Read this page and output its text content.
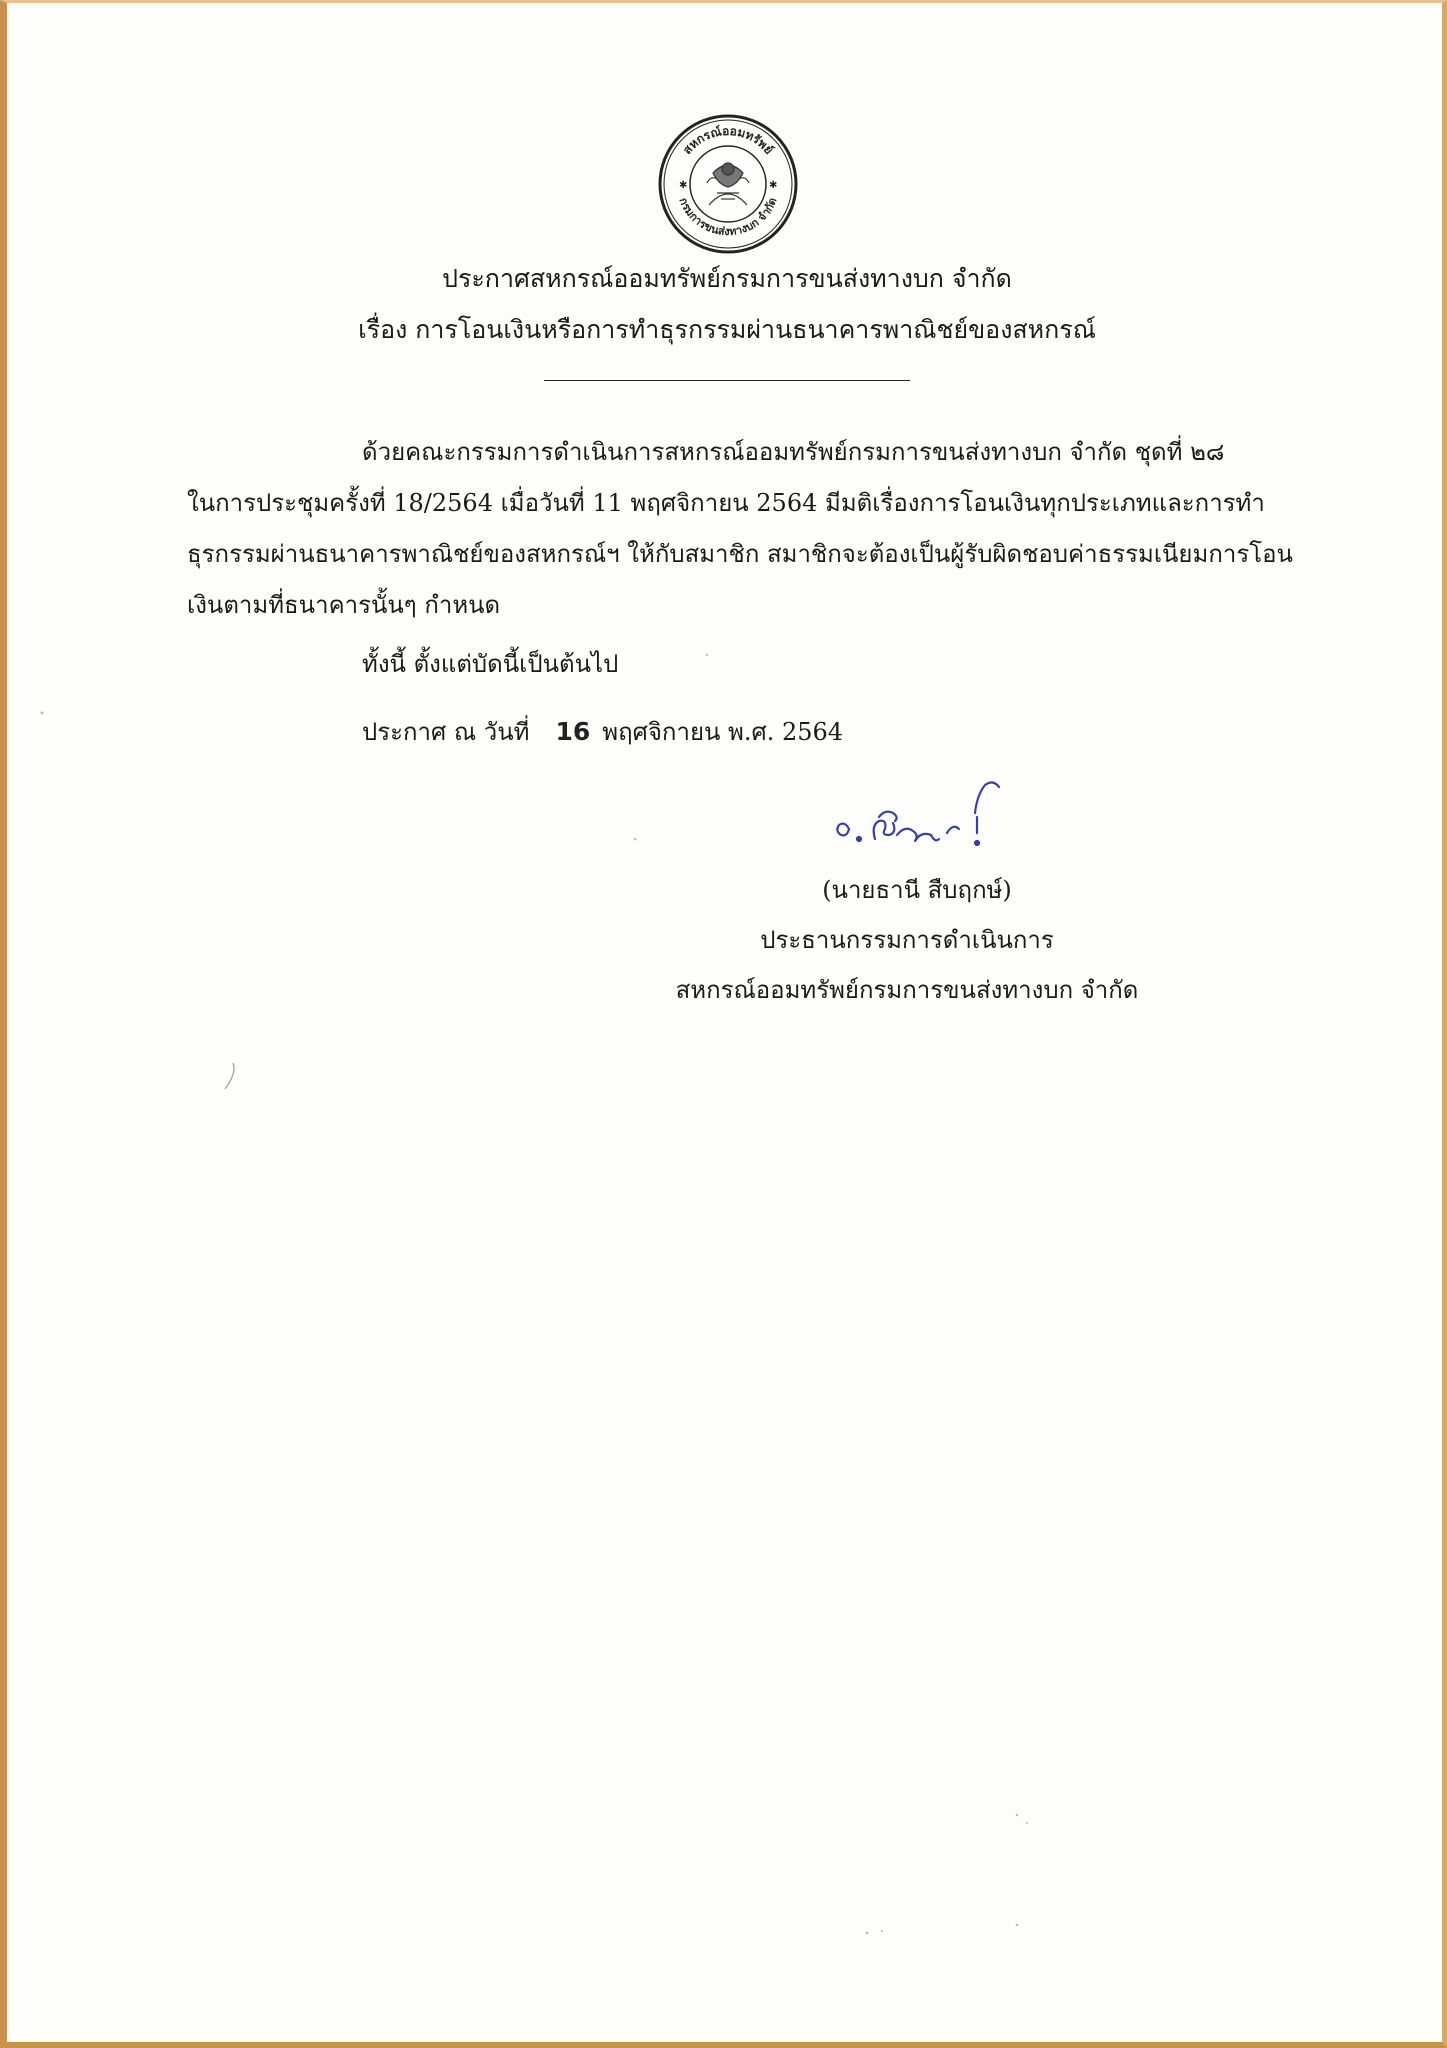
สหกรณ์ออมทรัพย์
กรมการขนส่งทางบก จำกัด
✱	✱
ประกาศสหกรณ์ออมทรัพย์กรมการขนส่งทางบก จำกัด
เรื่อง การโอนเงินหรือการทำธุรกรรมผ่านธนาคารพาณิชย์ของสหกรณ์

ด้วยคณะกรรมการดำเนินการสหกรณ์ออมทรัพย์กรมการขนส่งทางบก จำกัด ชุดที่ ๒๘
ในการประชุมครั้งที่ 18/2564 เมื่อวันที่ 11 พฤศจิกายน 2564 มีมติเรื่องการโอนเงินทุกประเภทและการทำ
ธุรกรรมผ่านธนาคารพาณิชย์ของสหกรณ์ฯ ให้กับสมาชิก สมาชิกจะต้องเป็นผู้รับผิดชอบค่าธรรมเนียมการโอน
เงินตามที่ธนาคารนั้นๆ กำหนด

ทั้งนี้ ตั้งแต่บัดนี้เป็นต้นไป
ประกาศ ณ วันที่ 16 พฤศจิกายน พ.ศ. 2564
(นายธานี สืบฤกษ์)
ประธานกรรมการดำเนินการ
สหกรณ์ออมทรัพย์กรมการขนส่งทางบก จำกัด
